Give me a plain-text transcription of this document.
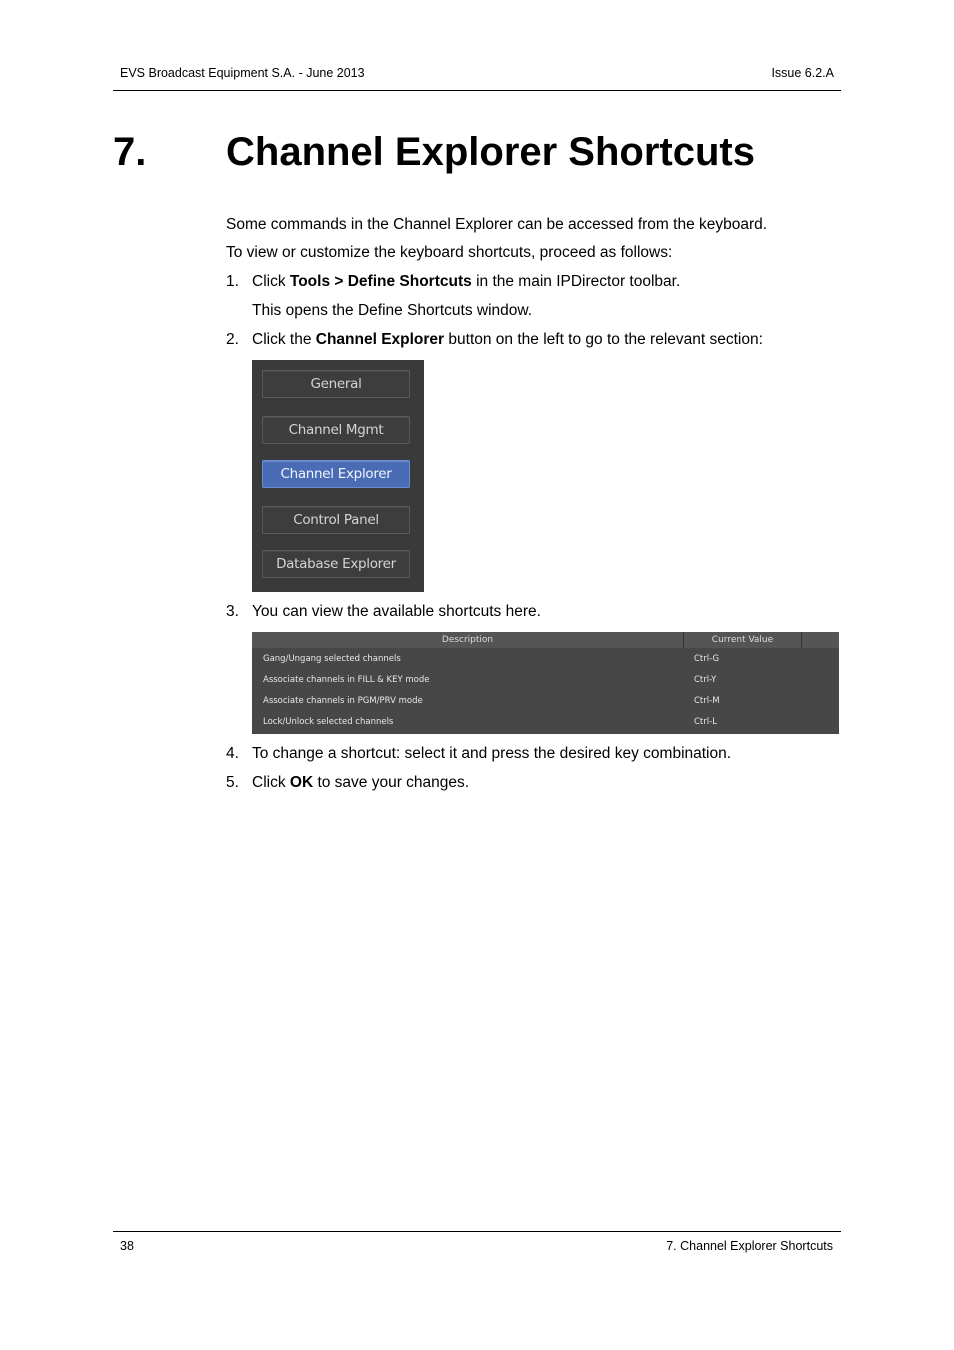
EVS Broadcast Equipment S.A. - June 2013	Issue 6.2.A
7. Channel Explorer Shortcuts
Some commands in the Channel Explorer can be accessed from the keyboard.
To view or customize the keyboard shortcuts, proceed as follows:
1. Click Tools > Define Shortcuts in the main IPDirector toolbar.
This opens the Define Shortcuts window.
2. Click the Channel Explorer button on the left to go to the relevant section:
General
Channel Mgmt
Channel Explorer
Control Panel
Database Explorer
3. You can view the available shortcuts here.
Description	Current Value
Gang/Ungang selected channels	Ctrl-G
Associate channels in FILL & KEY mode	Ctrl-Y
Associate channels in PGM/PRV mode	Ctrl-M
Lock/Unlock selected channels	Ctrl-L
4. To change a shortcut: select it and press the desired key combination.
5. Click OK to save your changes.
38	7. Channel Explorer Shortcuts
